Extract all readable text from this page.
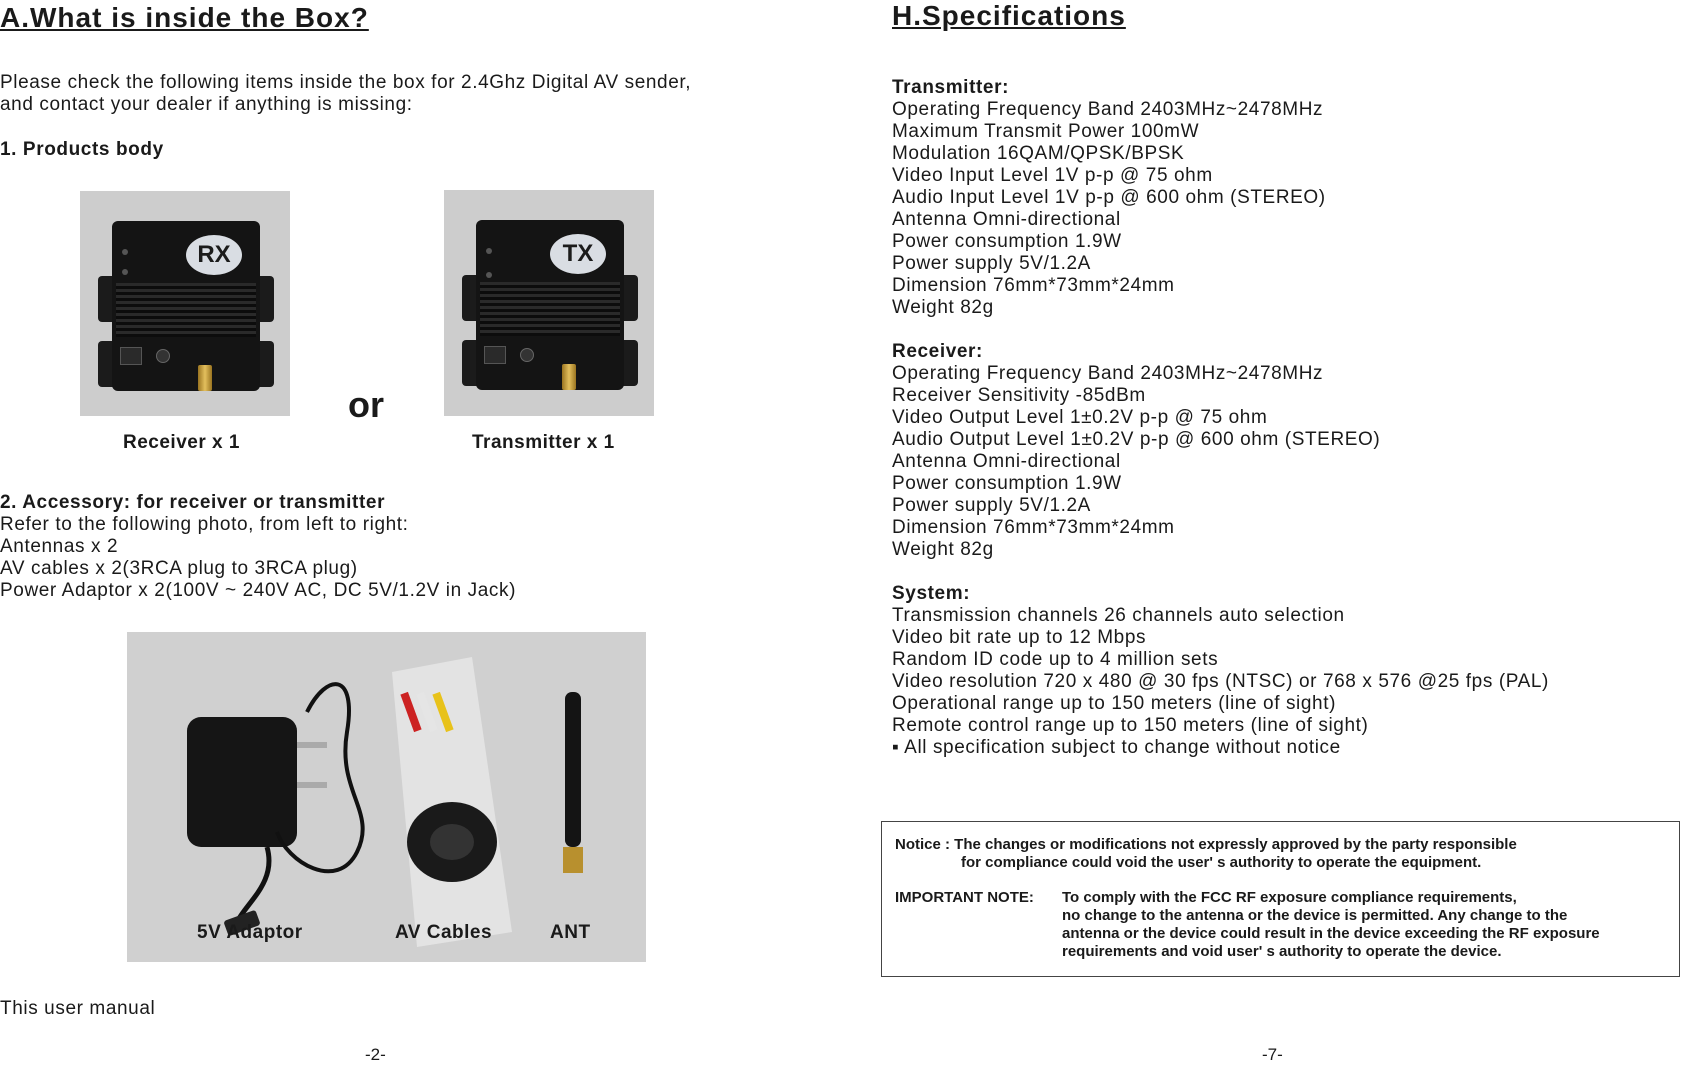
A.What is inside the Box?
Please check the following items inside the box for 2.4Ghz Digital AV sender,
and contact your dealer if anything is missing:
1. Products body
RX
or
TX
Receiver x 1	Transmitter x 1
2. Accessory: for receiver or transmitter
Refer to the following photo, from left to right:
Antennas x 2
AV cables x 2(3RCA plug to 3RCA plug)
Power Adaptor x 2(100V ~ 240V AC, DC 5V/1.2V in Jack)
5V Adaptor	AV Cables	ANT
This user manual
-2-
H.Specifications
Transmitter:
Operating Frequency Band 2403MHz~2478MHz
Maximum Transmit Power 100mW
Modulation 16QAM/QPSK/BPSK
Video Input Level 1V p-p @ 75 ohm
Audio Input Level 1V p-p @ 600 ohm (STEREO)
Antenna Omni-directional
Power consumption 1.9W
Power supply 5V/1.2A
Dimension 76mm*73mm*24mm
Weight 82g
Receiver:
Operating Frequency Band 2403MHz~2478MHz
Receiver Sensitivity -85dBm
Video Output Level 1±0.2V p-p @ 75 ohm
Audio Output Level 1±0.2V p-p @ 600 ohm (STEREO)
Antenna Omni-directional
Power consumption 1.9W
Power supply 5V/1.2A
Dimension 76mm*73mm*24mm
Weight 82g
System:
Transmission channels 26 channels auto selection
Video bit rate up to 12 Mbps
Random ID code up to 4 million sets
Video resolution 720 x 480 @ 30 fps (NTSC) or 768 x 576 @25 fps (PAL)
Operational range up to 150 meters (line of sight)
Remote control range up to 150 meters (line of sight)
▪ All specification subject to change without notice
Notice : The changes or modifications not expressly approved by the party responsible
for compliance could void the user' s authority to operate the equipment.
IMPORTANT NOTE: To comply with the FCC RF exposure compliance requirements,
no change to the antenna or the device is permitted. Any change to the
antenna or the device could result in the device exceeding the RF exposure
requirements and void user' s authority to operate the device.
-7-
